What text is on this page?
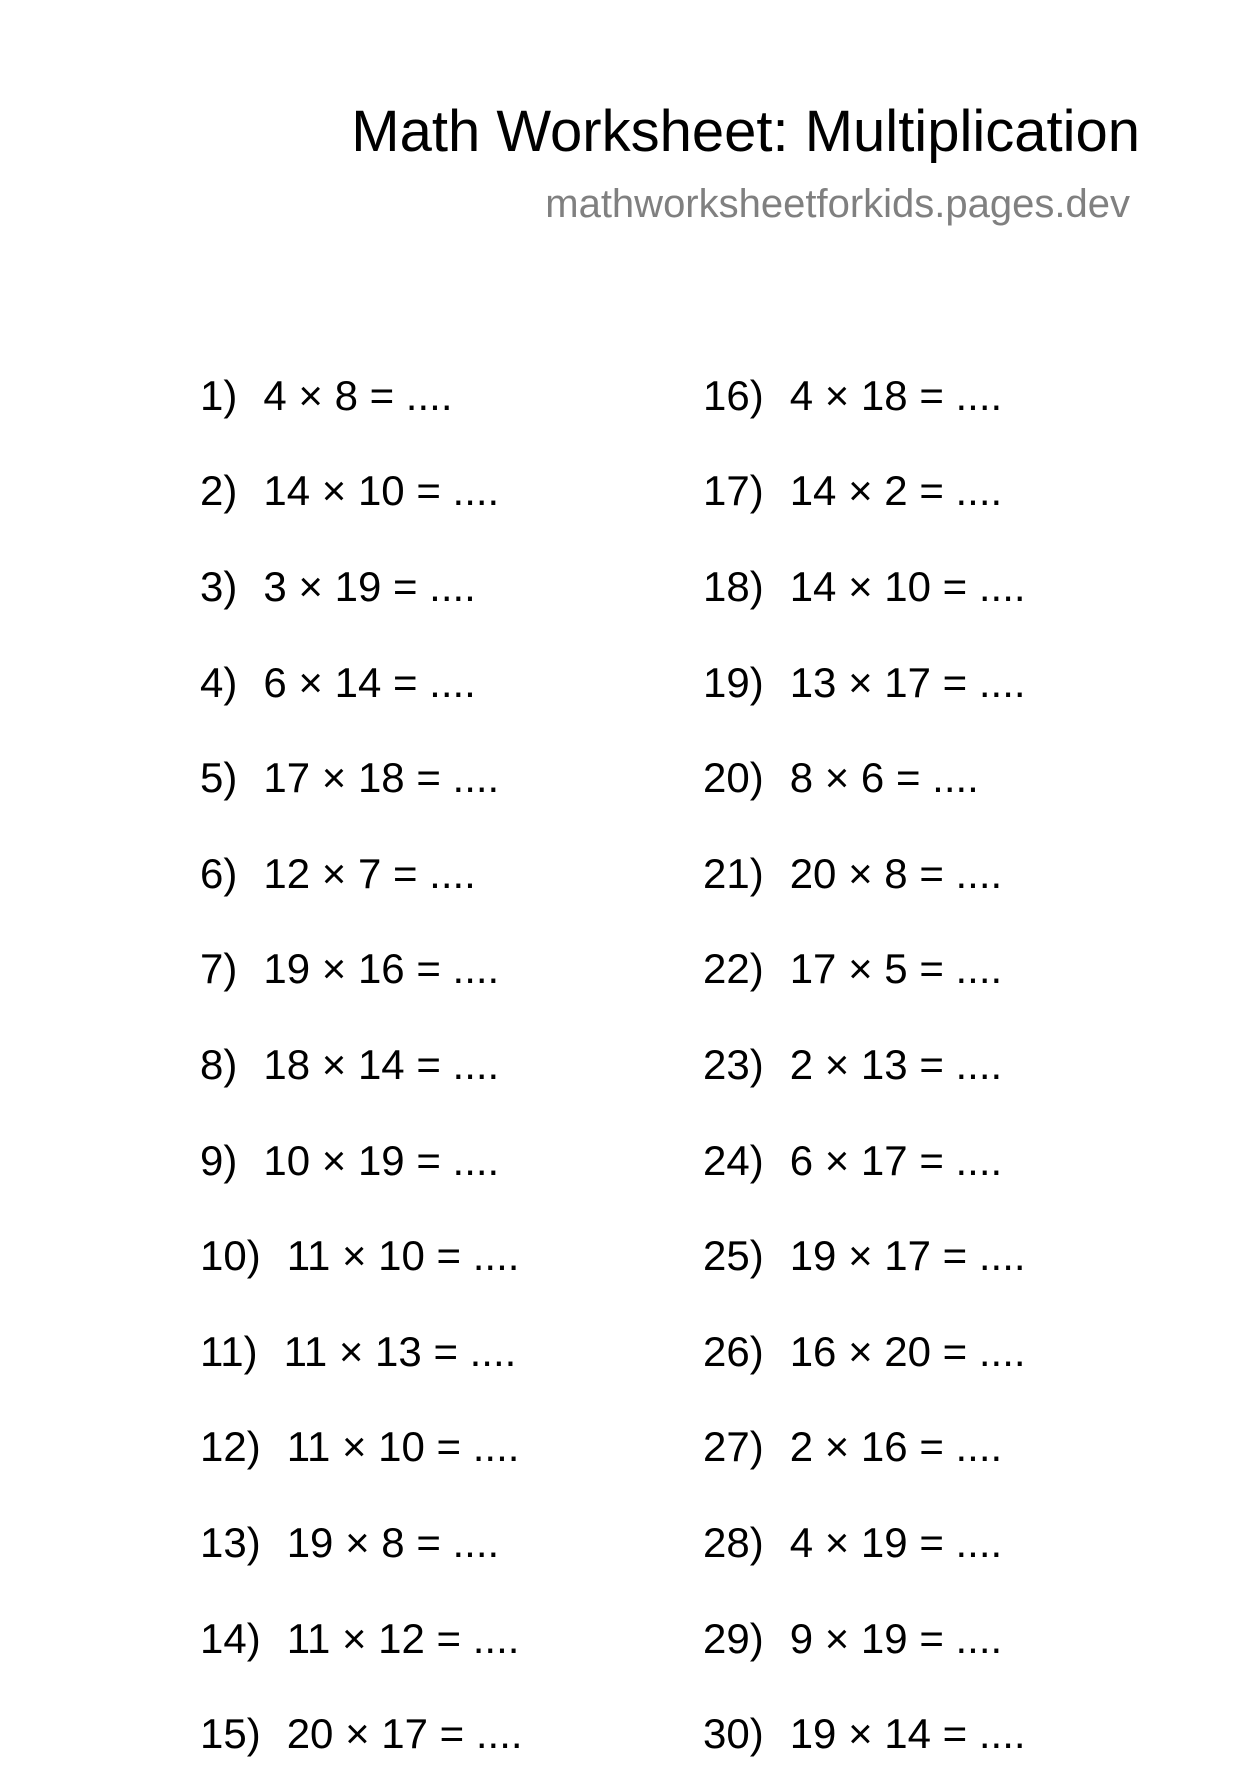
Math Worksheet: Multiplication
mathworksheetforkids.pages.dev
1) 4 × 8 = ....
2) 14 × 10 = ....
3) 3 × 19 = ....
4) 6 × 14 = ....
5) 17 × 18 = ....
6) 12 × 7 = ....
7) 19 × 16 = ....
8) 18 × 14 = ....
9) 10 × 19 = ....
10) 11 × 10 = ....
11) 11 × 13 = ....
12) 11 × 10 = ....
13) 19 × 8 = ....
14) 11 × 12 = ....
15) 20 × 17 = ....
16) 4 × 18 = ....
17) 14 × 2 = ....
18) 14 × 10 = ....
19) 13 × 17 = ....
20) 8 × 6 = ....
21) 20 × 8 = ....
22) 17 × 5 = ....
23) 2 × 13 = ....
24) 6 × 17 = ....
25) 19 × 17 = ....
26) 16 × 20 = ....
27) 2 × 16 = ....
28) 4 × 19 = ....
29) 9 × 19 = ....
30) 19 × 14 = ....
